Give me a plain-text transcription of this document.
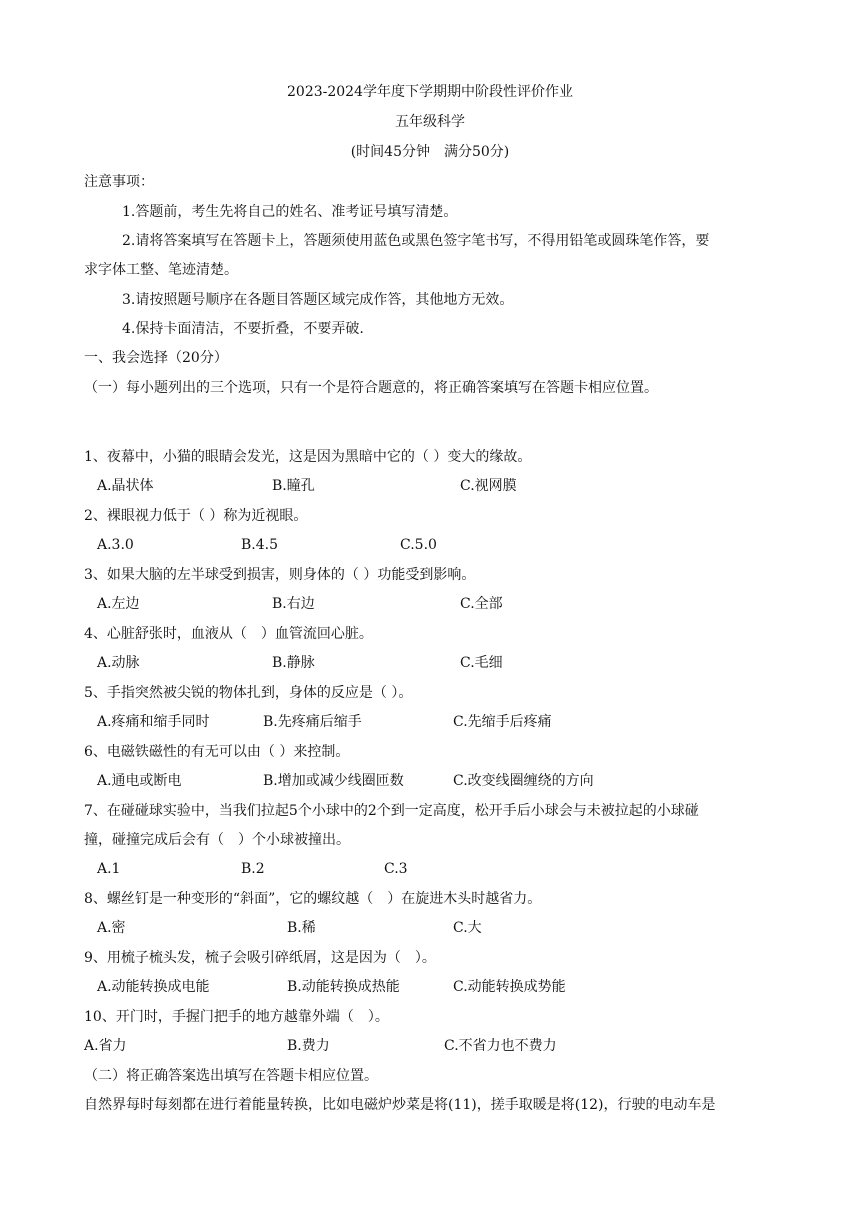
2023-2024学年度下学期期中阶段性评价作业
五年级科学
(时间45分钟　满分50分)
注意事项：
1.答题前，考生先将自己的姓名、准考证号填写清楚。
2.请将答案填写在答题卡上，答题须使用蓝色或黑色签字笔书写，不得用铅笔或圆珠笔作答，要
求字体工整、笔迹清楚。
3.请按照题号顺序在各题目答题区域完成作答，其他地方无效。
4.保持卡面清洁，不要折叠，不要弄破.
一、我会选择（20分）
（一）每小题列出的三个选项，只有一个是符合题意的，将正确答案填写在答题卡相应位置。
1、夜幕中，小猫的眼睛会发光，这是因为黑暗中它的（ ）变大的缘故。
A.晶状体	B.瞳孔	C.视网膜
2、裸眼视力低于（ ）称为近视眼。
A.3.0	B.4.5	C.5.0
3、如果大脑的左半球受到损害，则身体的（ ）功能受到影响。
A.左边	B.右边	C.全部
4、心脏舒张时，血液从（　）血管流回心脏。
A.动脉	B.静脉	C.毛细
5、手指突然被尖锐的物体扎到，身体的反应是（ ）。
A.疼痛和缩手同时	B.先疼痛后缩手	C.先缩手后疼痛
6、电磁铁磁性的有无可以由（ ）来控制。
A.通电或断电	B.增加或减少线圈匝数	C.改变线圈缠绕的方向
7、在碰碰球实验中，当我们拉起5个小球中的2个到一定高度，松开手后小球会与未被拉起的小球碰
撞，碰撞完成后会有（　）个小球被撞出。
A.1	B.2	C.3
8、螺丝钉是一种变形的“斜面”，它的螺纹越（　）在旋进木头时越省力。
A.密	B.稀	C.大
9、用梳子梳头发，梳子会吸引碎纸屑，这是因为（　）。
A.动能转换成电能	B.动能转换成热能	C.动能转换成势能
10、开门时，手握门把手的地方越靠外端（　）。
A.省力	B.费力	C.不省力也不费力
（二）将正确答案选出填写在答题卡相应位置。
自然界每时每刻都在进行着能量转换，比如电磁炉炒菜是将(11)，搓手取暖是将(12)，行驶的电动车是
